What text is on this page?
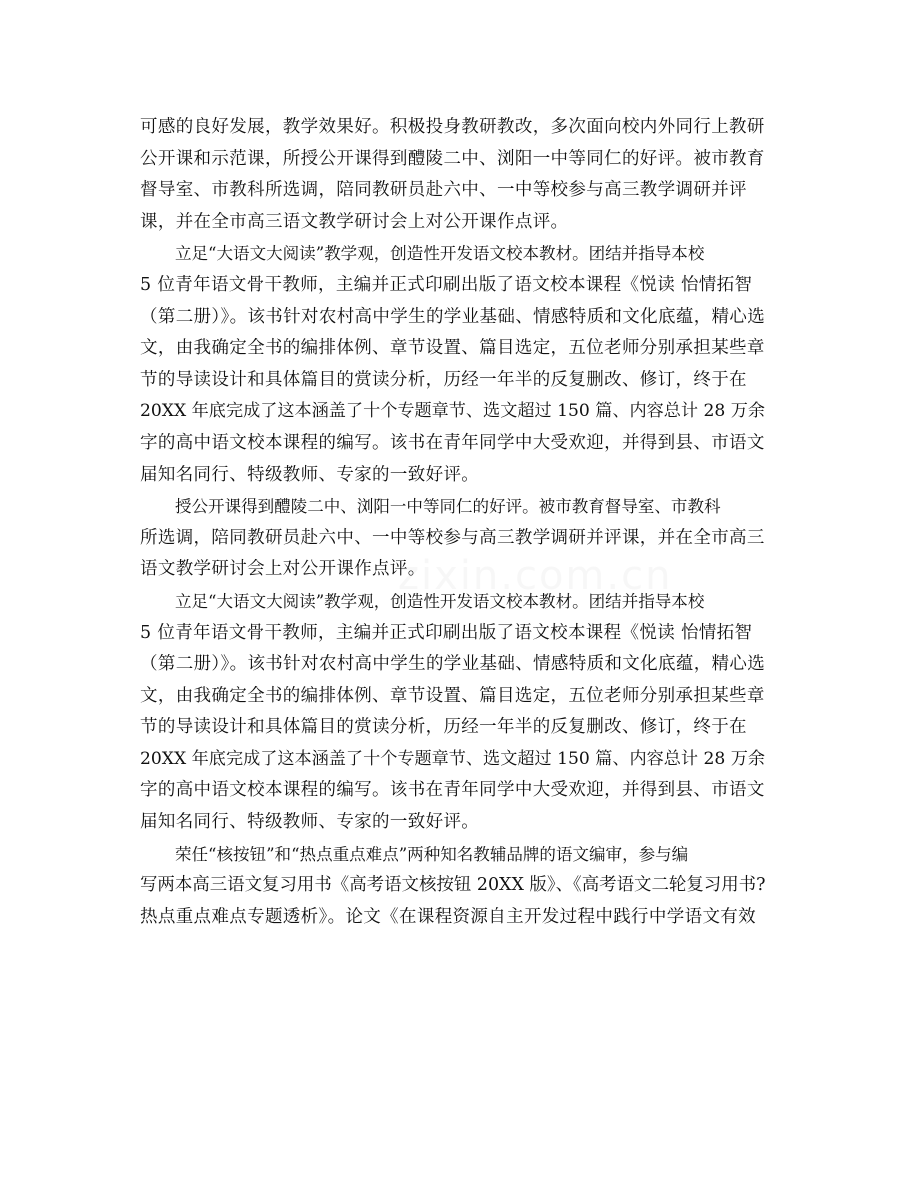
zixin.com.cn
可感的良好发展，教学效果好。积极投身教研教改，多次面向校内外同行上教研
公开课和示范课，所授公开课得到醴陵二中、浏阳一中等同仁的好评。被市教育
督导室、市教科所选调，陪同教研员赴六中、一中等校参与高三教学调研并评
课，并在全市高三语文教学研讨会上对公开课作点评。
立足“大语文大阅读”教学观，创造性开发语文校本教材。团结并指导本校
5 位青年语文骨干教师，主编并正式印刷出版了语文校本课程《悦读 怡情拓智
（第二册）》。该书针对农村高中学生的学业基础、情感特质和文化底蕴，精心选
文，由我确定全书的编排体例、章节设置、篇目选定，五位老师分别承担某些章
节的导读设计和具体篇目的赏读分析，历经一年半的反复删改、修订，终于在
20XX 年底完成了这本涵盖了十个专题章节、选文超过 150 篇、内容总计 28 万余
字的高中语文校本课程的编写。该书在青年同学中大受欢迎，并得到县、市语文
届知名同行、特级教师、专家的一致好评。
授公开课得到醴陵二中、浏阳一中等同仁的好评。被市教育督导室、市教科
所选调，陪同教研员赴六中、一中等校参与高三教学调研并评课，并在全市高三
语文教学研讨会上对公开课作点评。
立足“大语文大阅读”教学观，创造性开发语文校本教材。团结并指导本校
5 位青年语文骨干教师，主编并正式印刷出版了语文校本课程《悦读 怡情拓智
（第二册）》。该书针对农村高中学生的学业基础、情感特质和文化底蕴，精心选
文，由我确定全书的编排体例、章节设置、篇目选定，五位老师分别承担某些章
节的导读设计和具体篇目的赏读分析，历经一年半的反复删改、修订，终于在
20XX 年底完成了这本涵盖了十个专题章节、选文超过 150 篇、内容总计 28 万余
字的高中语文校本课程的编写。该书在青年同学中大受欢迎，并得到县、市语文
届知名同行、特级教师、专家的一致好评。
荣任“核按钮”和“热点重点难点”两种知名教辅品牌的语文编审，参与编
写两本高三语文复习用书《高考语文核按钮 20XX 版》、《高考语文二轮复习用书?
热点重点难点专题透析》。论文《在课程资源自主开发过程中践行中学语文有效
